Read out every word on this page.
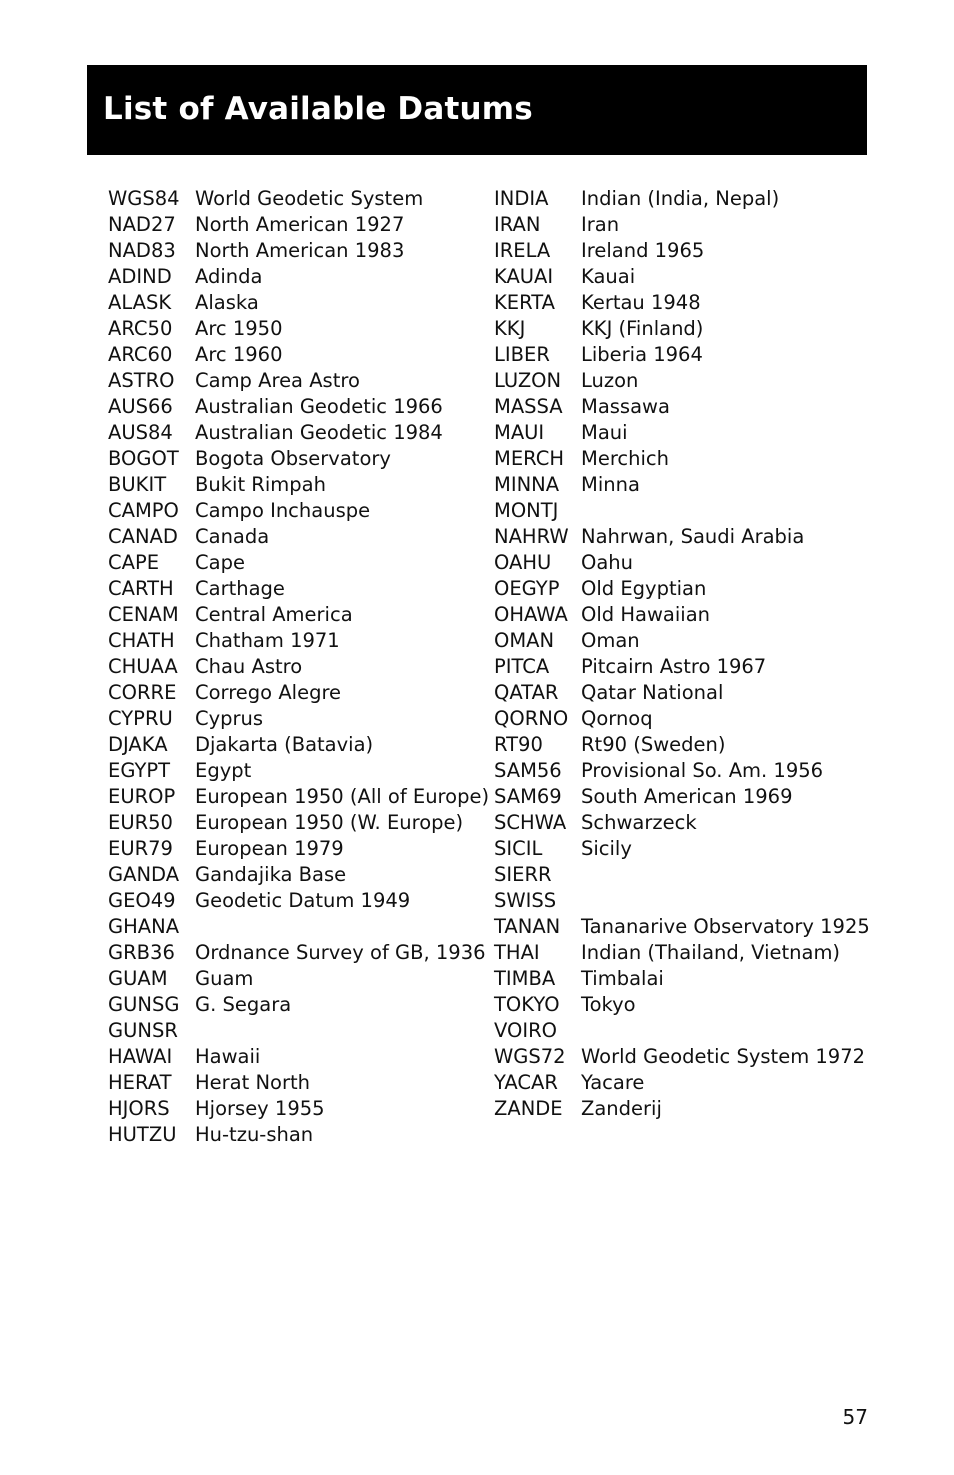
List of Available Datums
WGS84 World Geodetic System
NAD27 North American 1927
NAD83 North American 1983
ADIND	Adinda
ALASK	Alaska
ARC50	Arc 1950
ARC60	Arc 1960
ASTRO	Camp Area Astro
AUS66	Australian Geodetic 1966
AUS84	Australian Geodetic 1984
BOGOT Bogota Observatory
BUKIT	Bukit Rimpah
CAMPO Campo Inchauspe
CANAD Canada
CAPE	Cape
CARTH	Carthage
CENAM Central America
CHATH	Chatham 1971
CHUAA Chau Astro
CORRE Corrego Alegre
CYPRU	Cyprus
DJAKA	Djakarta (Batavia)
EGYPT	Egypt
EUROP	European 1950 (All of Europe)
EUR50	European 1950 (W. Europe)
EUR79	European 1979
GANDA Gandajika Base
GEO49 Geodetic Datum 1949
GHANA
GRB36	Ordnance Survey of GB, 1936
GUAM	Guam
GUNSG G. Segara
GUNSR
HAWAI	Hawaii
HERAT	Herat North
HJORS	Hjorsey 1955
HUTZU Hu-tzu-shan
INDIA	Indian (India, Nepal)
IRAN	Iran
IRELA	Ireland 1965
KAUAI	Kauai
KERTA	Kertau 1948
KKJ	KKJ (Finland)
LIBER	Liberia 1964
LUZON	Luzon
MASSA Massawa
MAUI	Maui
MERCH Merchich
MINNA	Minna
MONTJ
NAHRW Nahrwan, Saudi Arabia
OAHU	Oahu
OEGYP	Old Egyptian
OHAWA Old Hawaiian
OMAN	Oman
PITCA	Pitcairn Astro 1967
QATAR	Qatar National
QORNO Qornoq
RT90	Rt90 (Sweden)
SAM56 Provisional So. Am. 1956
SAM69 South American 1969
SCHWA Schwarzeck
SICIL	Sicily
SIERR
SWISS
TANAN	Tananarive Observatory 1925
THAI	Indian (Thailand, Vietnam)
TIMBA	Timbalai
TOKYO	Tokyo
VOIRO
WGS72 World Geodetic System 1972
YACAR	Yacare
ZANDE Zanderij
57
